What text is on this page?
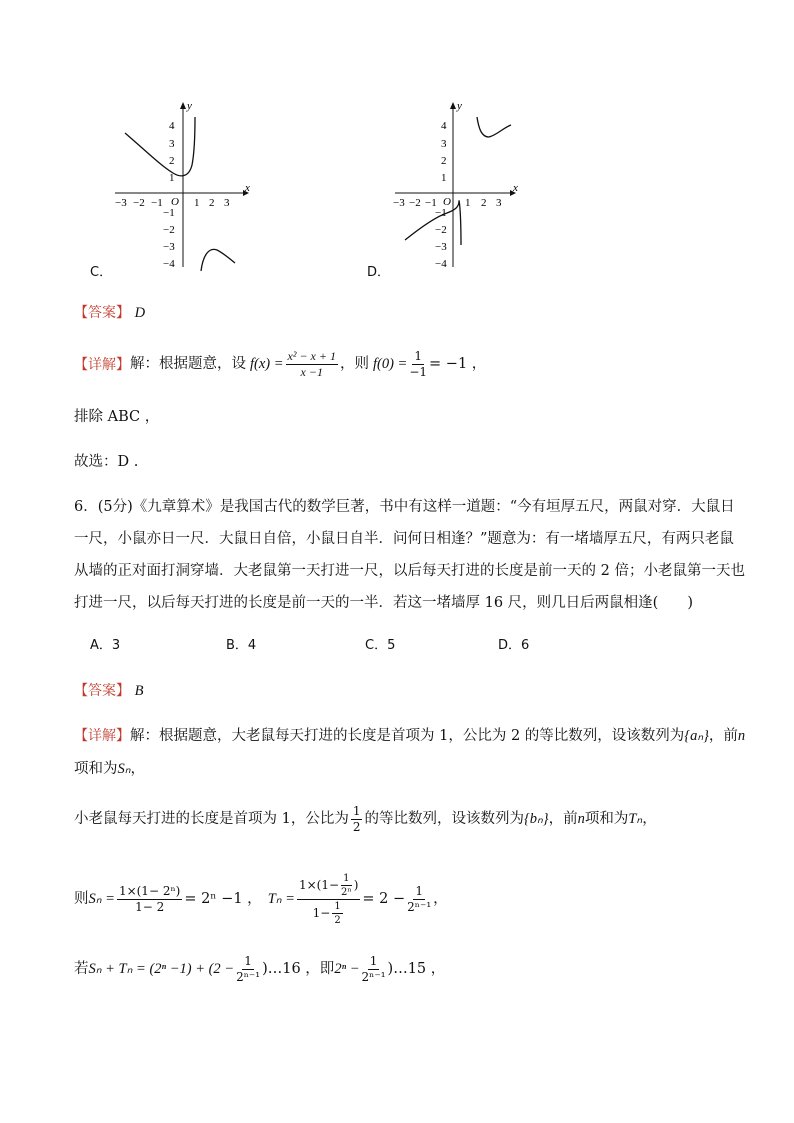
x
y
O
−3 −2 −1	1 2 3
4
3
2
1
−1
−2
−3
−4
C．
x
y
O
−3 −2 −1	1 2 3
4
3
2
1
−1
−2
−3
−4
D．
【答案】 D
【详解】 解：根据题意，设 $f(x) = \frac{\text{x² − x + 1}}{x -1}$ ，则 $f(0) = \frac{1}{-1} = -1$ ，
排除 ABC ，
故选：D .
6．(5分)《九章算术》是我国古代的数学巨著，书中有这样一道题：“今有垣厚五尺，两鼠对穿．大鼠日
一尺，小鼠亦日一尺．大鼠日自倍，小鼠日自半．问何日相逢？”题意为：有一堵墙厚五尺，有两只老鼠
从墙的正对面打洞穿墙．大老鼠第一天打进一尺，以后每天打进的长度是前一天的 2 倍；小老鼠第一天也
打进一尺，以后每天打进的长度是前一天的一半．若这一堵墙厚 16 尺，则几日后两鼠相逢(　　)
A．3	B．4	C．5	D．6
【答案】 B
【详解】解：根据题意，大老鼠每天打进的长度是首项为 1，公比为 2 的等比数列，设该数列为{aₙ}，前n
项和为Sₙ，
小老鼠每天打进的长度是首项为 1，公比为 $\frac{1}{2}$ 的等比数列，设该数列为 {bₙ} ，前 n 项和为 Tₙ ，
则 $S_n = \frac{\text{1×(1− 2ⁿ)}}{1- 2} = 2^n -1$ ， $T_n = \frac{1\times(1- \frac{1}{\text{2ⁿ}} )}{1- \frac{1}{2}} = 2 - \frac{1}{\text{2ⁿ⁻¹}}$ ，
若 $S_n + T_n = (2^n -1) + (2 - \frac{1}{\text{2ⁿ⁻¹}}$ )…16 ，即 $2^n - \frac{1}{\text{2ⁿ⁻¹}}$ )…15 ，
